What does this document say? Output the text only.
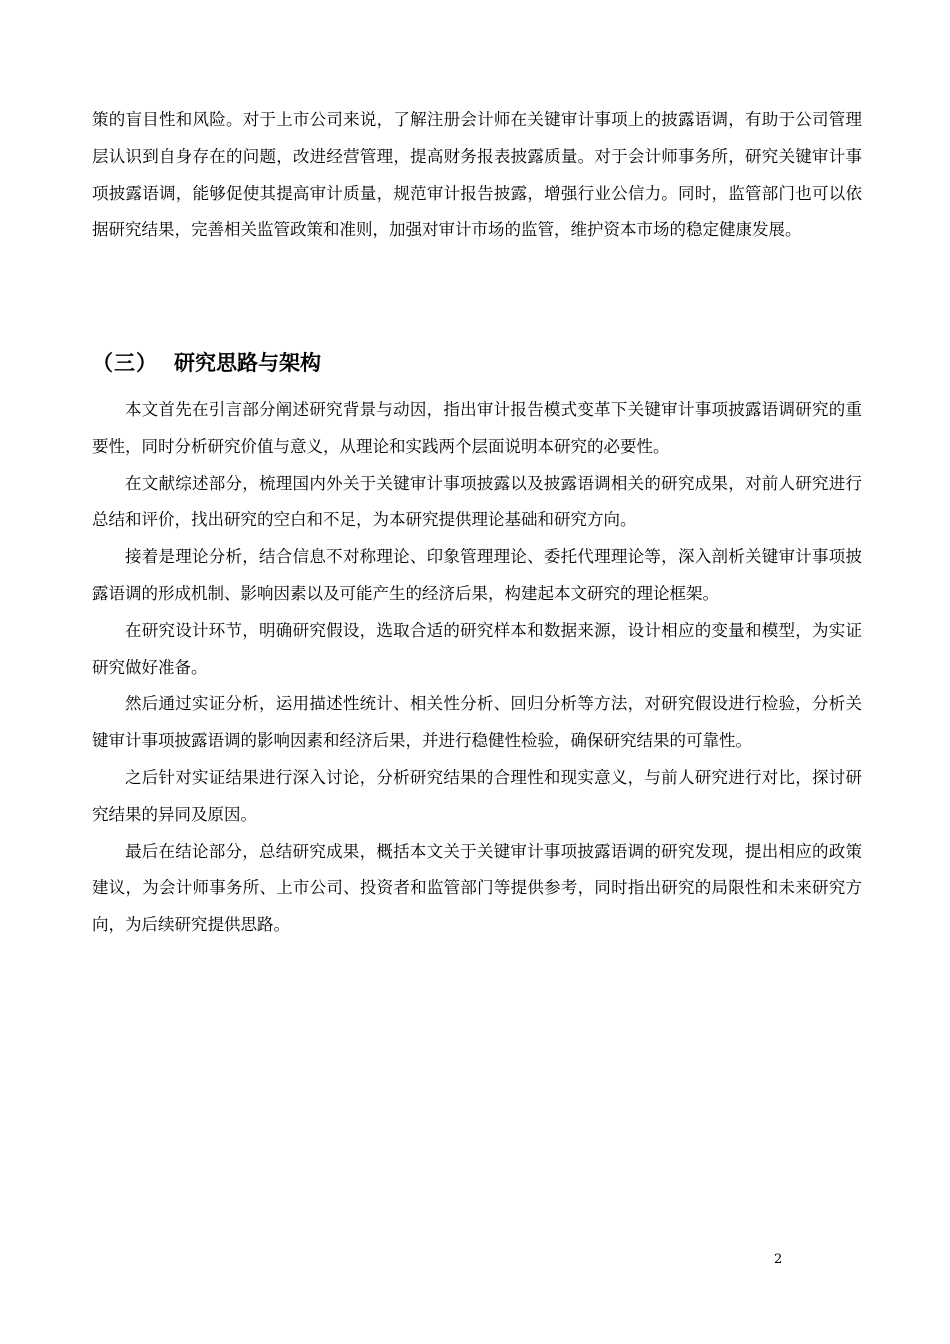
策的盲目性和风险。对于上市公司来说，了解注册会计师在关键审计事项上的披露语调，有助于公司管理层认识到自身存在的问题，改进经营管理，提高财务报表披露质量。对于会计师事务所，研究关键审计事项披露语调，能够促使其提高审计质量，规范审计报告披露，增强行业公信力。同时，监管部门也可以依据研究结果，完善相关监管政策和准则，加强对审计市场的监管，维护资本市场的稳定健康发展。

（三） 研究思路与架构

本文首先在引言部分阐述研究背景与动因，指出审计报告模式变革下关键审计事项披露语调研究的重要性，同时分析研究价值与意义，从理论和实践两个层面说明本研究的必要性。

在文献综述部分，梳理国内外关于关键审计事项披露以及披露语调相关的研究成果，对前人研究进行总结和评价，找出研究的空白和不足，为本研究提供理论基础和研究方向。

接着是理论分析，结合信息不对称理论、印象管理理论、委托代理理论等，深入剖析关键审计事项披露语调的形成机制、影响因素以及可能产生的经济后果，构建起本文研究的理论框架。

在研究设计环节，明确研究假设，选取合适的研究样本和数据来源，设计相应的变量和模型，为实证研究做好准备。

然后通过实证分析，运用描述性统计、相关性分析、回归分析等方法，对研究假设进行检验，分析关键审计事项披露语调的影响因素和经济后果，并进行稳健性检验，确保研究结果的可靠性。

之后针对实证结果进行深入讨论，分析研究结果的合理性和现实意义，与前人研究进行对比，探讨研究结果的异同及原因。

最后在结论部分，总结研究成果，概括本文关于关键审计事项披露语调的研究发现，提出相应的政策建议，为会计师事务所、上市公司、投资者和监管部门等提供参考，同时指出研究的局限性和未来研究方向，为后续研究提供思路。

2
